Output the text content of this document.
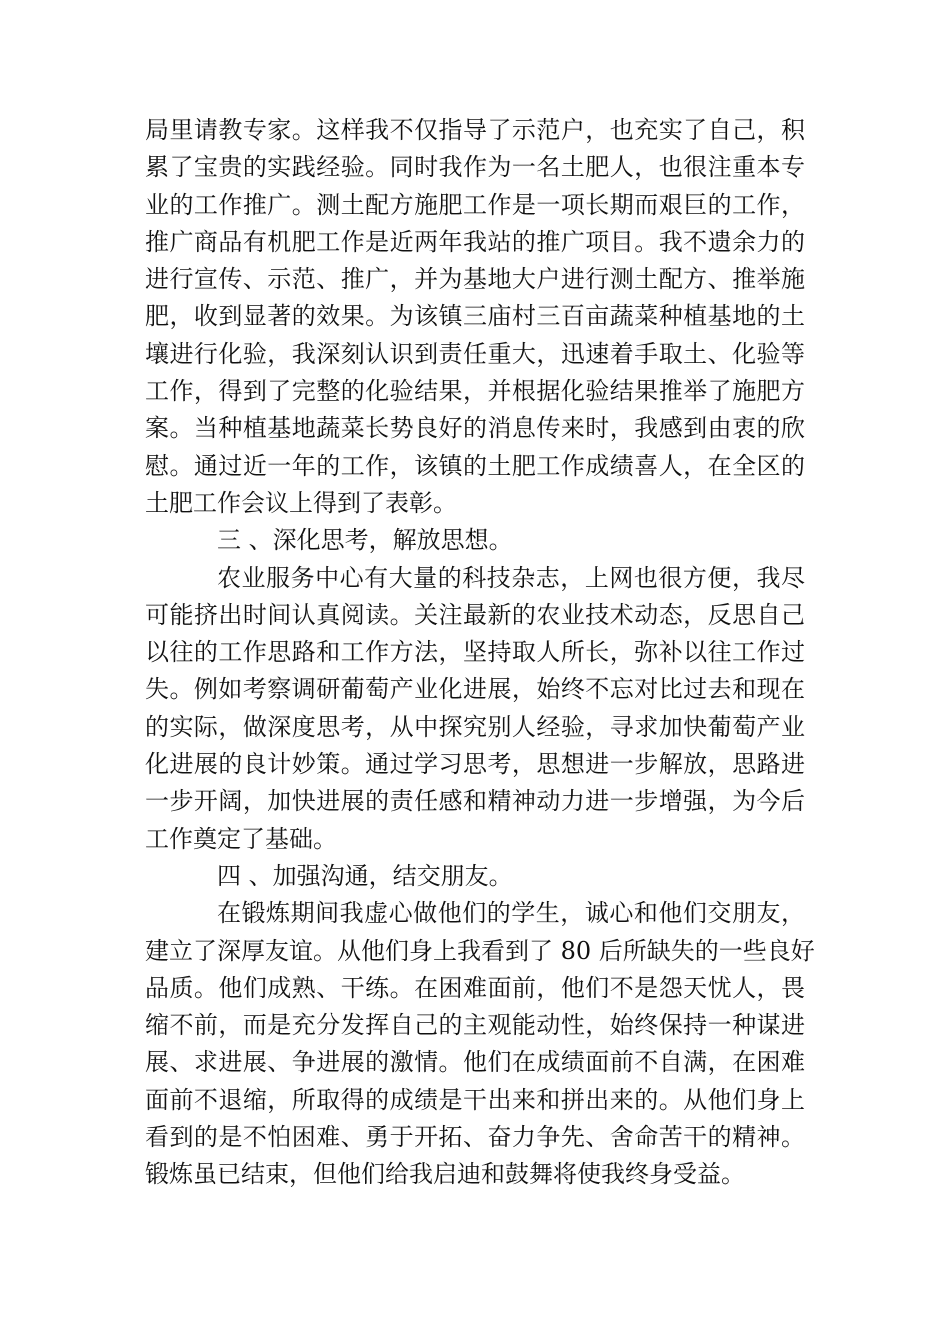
局里请教专家。这样我不仅指导了示范户，也充实了自己，积
累了宝贵的实践经验。同时我作为一名土肥人，也很注重本专
业的工作推广。测土配方施肥工作是一项长期而艰巨的工作，
推广商品有机肥工作是近两年我站的推广项目。我不遗余力的
进行宣传、示范、推广，并为基地大户进行测土配方、推举施
肥，收到显著的效果。为该镇三庙村三百亩蔬菜种植基地的土
壤进行化验，我深刻认识到责任重大，迅速着手取土、化验等
工作，得到了完整的化验结果，并根据化验结果推举了施肥方
案。当种植基地蔬菜长势良好的消息传来时，我感到由衷的欣
慰。通过近一年的工作，该镇的土肥工作成绩喜人，在全区的
土肥工作会议上得到了表彰。
三 、深化思考，解放思想。
农业服务中心有大量的科技杂志，上网也很方便，我尽
可能挤出时间认真阅读。关注最新的农业技术动态，反思自己
以往的工作思路和工作方法，坚持取人所长，弥补以往工作过
失。例如考察调研葡萄产业化进展，始终不忘对比过去和现在
的实际，做深度思考，从中探究别人经验，寻求加快葡萄产业
化进展的良计妙策。通过学习思考，思想进一步解放，思路进
一步开阔，加快进展的责任感和精神动力进一步增强，为今后
工作奠定了基础。
四 、加强沟通，结交朋友。
在锻炼期间我虚心做他们的学生，诚心和他们交朋友，
建立了深厚友谊。从他们身上我看到了 80 后所缺失的一些良好
品质。他们成熟、干练。在困难面前，他们不是怨天忧人，畏
缩不前，而是充分发挥自己的主观能动性，始终保持一种谋进
展、求进展、争进展的激情。他们在成绩面前不自满，在困难
面前不退缩，所取得的成绩是干出来和拼出来的。从他们身上
看到的是不怕困难、勇于开拓、奋力争先、舍命苦干的精神。
锻炼虽已结束，但他们给我启迪和鼓舞将使我终身受益。
